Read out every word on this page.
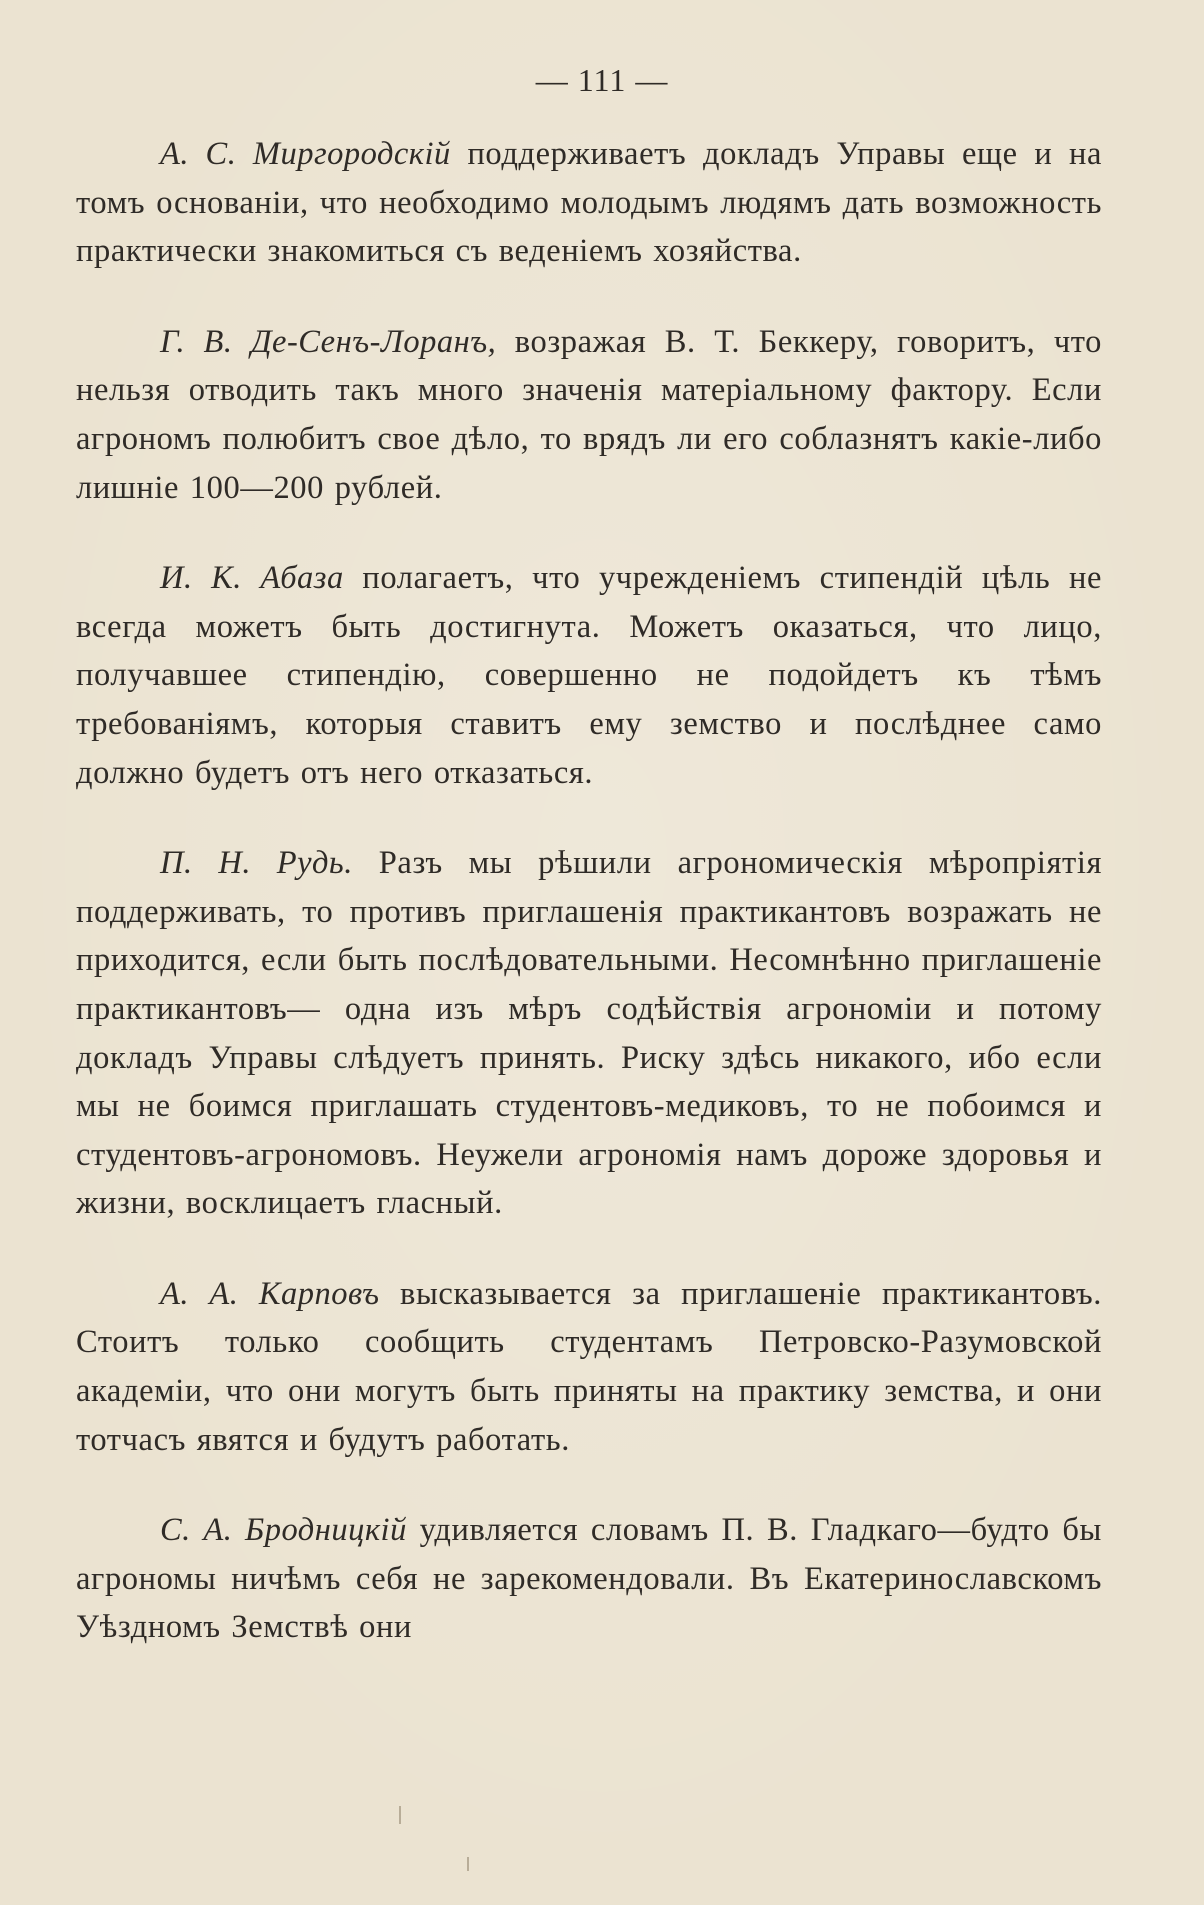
— 111 —

А. С. Миргородскій поддерживаетъ докладъ Управы еще и на томъ основаніи, что необходимо молодымъ людямъ дать возможность практически знакомиться съ веденіемъ хозяйства.

Г. В. Де-Сенъ-Лоранъ, возражая В. Т. Беккеру, говоритъ, что нельзя отводить такъ много значенія матеріальному фактору. Если агрономъ полюбитъ свое дѣло, то врядъ ли его соблазнятъ какіе-либо лишніе 100—200 рублей.

И. К. Абаза полагаетъ, что учрежденіемъ стипендій цѣль не всегда можетъ быть достигнута. Можетъ оказаться, что лицо, получавшее стипендію, совершенно не подойдетъ къ тѣмъ требованіямъ, которыя ставитъ ему земство и послѣднее само должно будетъ отъ него отказаться.

П. Н. Рудь. Разъ мы рѣшили агрономическія мѣропріятія поддерживать, то противъ приглашенія практикантовъ возражать не приходится, если быть послѣдовательными. Несомнѣнно приглашеніе практикантовъ— одна изъ мѣръ содѣйствія агрономіи и потому докладъ Управы слѣдуетъ принять. Риску здѣсь никакого, ибо если мы не боимся приглашать студентовъ-медиковъ, то не побоимся и студентовъ-агрономовъ. Неужели агрономія намъ дороже здоровья и жизни, восклицаетъ гласный.

А. А. Карповъ высказывается за приглашеніе практикантовъ. Стоитъ только сообщить студентамъ Петровско-Разумовской академіи, что они могутъ быть приняты на практику земства, и они тотчасъ явятся и будутъ работать.

С. А. Бродницкій удивляется словамъ П. В. Гладкаго—будто бы агрономы ничѣмъ себя не зарекомендовали. Въ Екатеринославскомъ Уѣздномъ Земствѣ они
